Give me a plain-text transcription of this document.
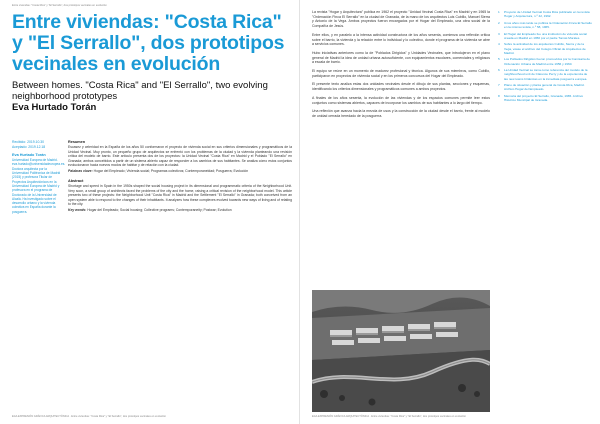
Entre viviendas: "Costa Rica" y "El Serrallo", dos prototipos vecinales en evolución
Entre viviendas: "Costa Rica" y "El Serrallo", dos prototipos vecinales en evolución
Between homes. "Costa Rica" and "El Serrallo", two evolving neighborhood prototypes
Eva Hurtado Torán
Recibido: 2019.10.30
Aceptado: 2019.12.18
Eva Hurtado Torán
Universidad Europea de Madrid. eva.hurtado@universidadeuropea.es. Doctora arquitecta por la Universidad Politécnica de Madrid (2015) y profesora Titular de Proyectos Arquitectónicos en la Universidad Europea de Madrid y profesora en el programa de Doctorado de la Universidad de Alcalá. Ha investigado sobre el desarrollo urbano y la vivienda colectiva en España durante la posguerra.
Resumen
Escasez y celeridad en la España de los años 50 conformaron el proyecto de vivienda social en sus criterios dimensionales y programáticos de la Unidad Vecinal. Muy pronto, un pequeño grupo de arquitectos se enfrentó con los problemas de la ciudad y la vivienda planteando una revisión crítica del modelo de barrio. Este artículo presenta dos de los proyectos: la Unidad Vecinal "Costa Rica" en Madrid y el Poblado "El Serrallo" en Granada; ambos concebidos a partir de un sistema abierto capaz de responder a los cambios de sus habitantes. Se analiza cómo estos conjuntos evolucionaron hacia nuevos modos de habitar y de relación con la ciudad.
Palabras clave: Hogar del Empleado; Vivienda social; Programas colectivos; Contemporaneidad; Posguerra; Evolución
Abstract
Shortage and speed in Spain in the 1950s shaped the social housing project in its dimensional and programmatic criteria of the Neighborhood Unit. Very soon, a small group of architects faced the problems of the city and the home, raising a critical revision of the neighborhood model. This article presents two of these projects: the Neighborhood Unit "Costa Rica" in Madrid and the Settlement "El Serrallo" in Granada; both conceived from an open system able to respond to the changes of their inhabitants. It analyzes how these complexes evolved towards new ways of living and of relating to the city.
Key words: Hogar del Empleado; Social housing; Collective programs; Contemporaneity; Postwar; Evolution
EGA EXPRESIÓN GRÁFICA ARQUITECTÓNICA · Entre viviendas: "Costa Rica" y "El Serrallo", dos prototipos vecinales en evolución

La revista "Hogar y Arquitectura" publica en 1962 el proyecto "Unidad Vecinal Costa Rica" en Madrid y en 1965 la "Ordenación Finca El Serrallo" en la ciudad de Granada, de la mano de los arquitectos Luis Cubillo, Manuel Sierra y Antonio de la Vega. Ambos proyectos fueron encargados por el Hogar del Empleado, una obra social de la Compañía de Jesús.

Entre ellos, y en paralelo a la intensa actividad constructora de los años sesenta, comienza una reflexión crítica sobre el barrio, la vivienda y la relación entre lo individual y lo colectivo, donde el programa de la vivienda se abre a servicios comunes.

Hubo iniciativas anteriores como la de "Poblados Dirigidos" y Unidades Vecinales, que introdujeron en el plano general de Madrid la idea de unidad urbana autosuficiente, con equipamientos escolares, comerciales y religiosos a escala de barrio.

El equipo se reúne en un momento de madurez profesional y técnica. Algunos de sus miembros, como Cubillo, participaron en proyectos de vivienda social y en los primeros concursos del Hogar del Empleado.

El presente texto analiza estas dos unidades vecinales desde el dibujo de sus plantas, secciones y esquemas, identificando los criterios dimensionales y programáticos comunes a ambos proyectos.

A finales de los años sesenta, la evolución de las viviendas y de los espacios comunes permite leer estos conjuntos como sistemas abiertos, capaces de incorporar los cambios de sus habitantes a lo largo del tiempo.

Una reflexión que avanza hacia la mezcla de usos y la construcción de la ciudad desde el barrio, frente al modelo de unidad cerrada heredado de la posguerra.

1	Proyecto de Unidad Vecinal Costa Rica publicado en la revista Hogar y Arquitectura, n.º 42, 1962.
2	Unos años más tarde se publica la Ordenación Finca El Serrallo en la misma revista, n.º 58, 1965.
3	El Hogar del Empleado fue una institución de vivienda social creada en Madrid en 1950 por el padre Tomás Morales.
4	Sobre la actividad de los arquitectos Cubillo, Sierra y de la Vega, véase el archivo del Colegio Oficial de Arquitectos de Madrid.
5	Los Poblados Dirigidos fueron promovidos por la Comisaría de Ordenación Urbana de Madrid entre 1956 y 1960.
6	La Unidad Vecinal se toma como referencia del modelo de la neighbourhood unit de Clarence Perry y de la experiencia de las new towns británicas en la inmediata posguerra europea.
7	Plano de situación y planta general de Costa Rica, Madrid. Archivo Hogar del Empleado.
8	Memoria del proyecto El Serrallo, Granada, 1965. Archivo Histórico Municipal de Granada.
EGA EXPRESIÓN GRÁFICA ARQUITECTÓNICA · Entre viviendas: "Costa Rica" y "El Serrallo", dos prototipos vecinales en evolución
